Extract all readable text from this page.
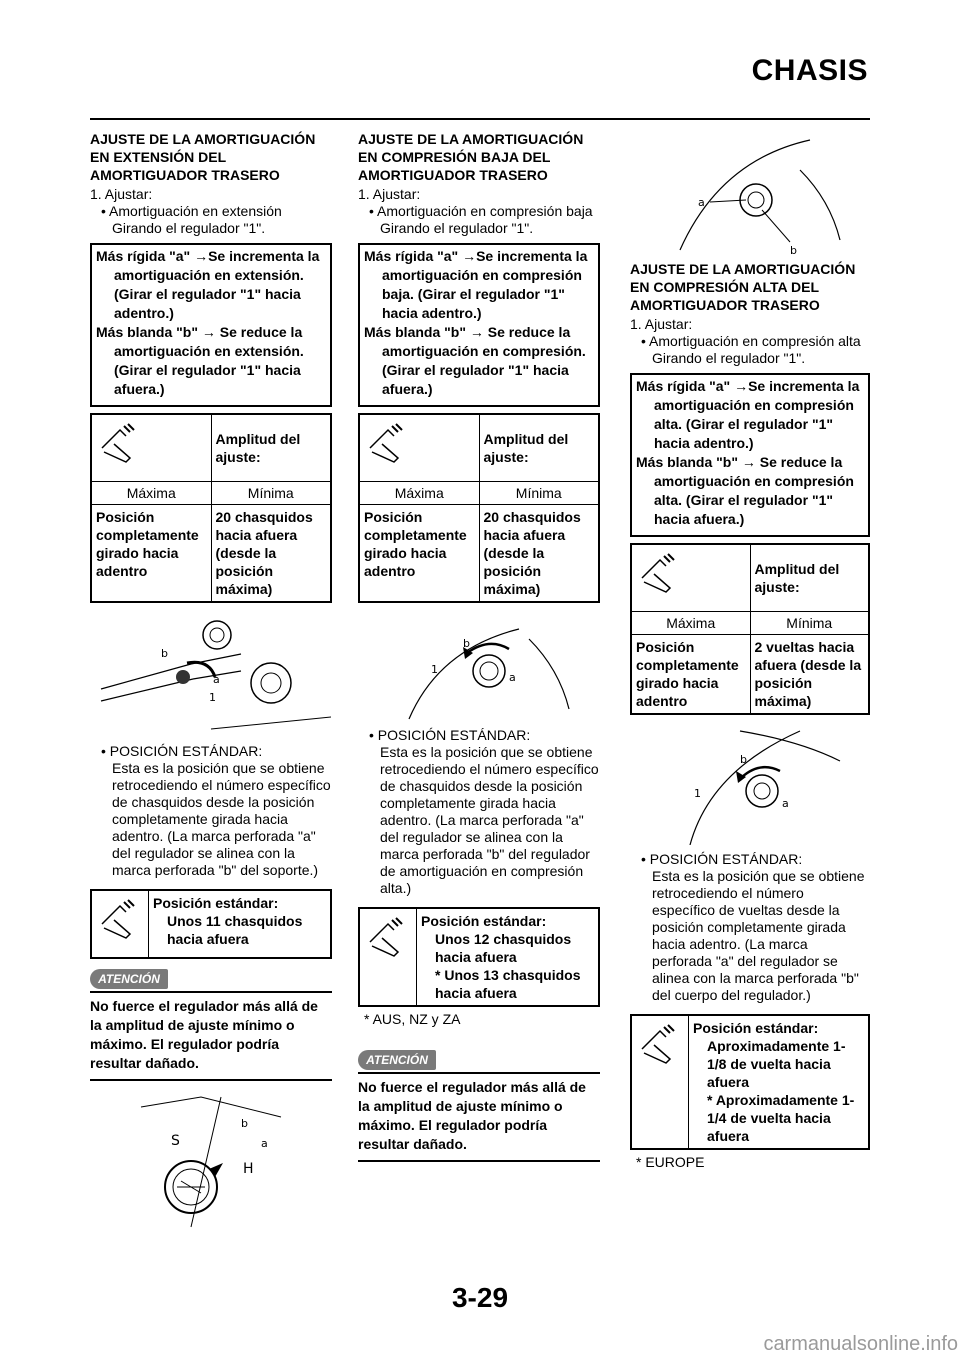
CHASIS
AJUSTE DE LA AMORTIGUACIÓN
EN EXTENSIÓN DEL
AMORTIGUADOR TRASERO

1. Ajustar:

• Amortiguación en extensión

Girando el regulador "1".

Más rígida "a" →Se incrementa la amortiguación en extensión. (Girar el regulador "1" hacia adentro.)

Más blanda "b" → Se reduce la amortiguación en extensión. (Girar el regulador "1" hacia afuera.)

	Amplitud del ajuste:
Máxima	Mínima
Posición completamente girado hacia adentro	20 chasquidos hacia afuera (desde la posición máxima)
b
a
1

• POSICIÓN ESTÁNDAR:

Esta es la posición que se obtiene retrocediendo el número específico de chasquidos desde la posición completamente girada hacia adentro. (La marca perforada "a" del regulador se alinea con la marca perforada "b" del soporte.)

Posición estándar:
Unos 11 chasquidos hacia afuera
ATENCIÓN

No fuerce el regulador más allá de la amplitud de ajuste mínimo o máximo. El regulador podría resultar dañado.

S
H
b
a
AJUSTE DE LA AMORTIGUACIÓN
EN COMPRESIÓN BAJA DEL
AMORTIGUADOR TRASERO

1. Ajustar:

• Amortiguación en compresión baja

Girando el regulador "1".

Más rígida "a" →Se incrementa la amortiguación en compresión baja. (Girar el regulador "1" hacia adentro.)

Más blanda "b" → Se reduce la amortiguación en compresión. (Girar el regulador "1" hacia afuera.)

	Amplitud del ajuste:
Máxima	Mínima
Posición completamente girado hacia adentro	20 chasquidos hacia afuera (desde la posición máxima)
b
a
1

• POSICIÓN ESTÁNDAR:

Esta es la posición que se obtiene retrocediendo el número específico de chasquidos desde la posición completamente girada hacia adentro. (La marca perforada "a" del regulador se alinea con la marca perforada "b" del regulador de amortiguación en compresión alta.)

Posición estándar:
Unos 12 chasquidos hacia afuera
* Unos 13 chasquidos hacia afuera
* AUS, NZ y ZA
ATENCIÓN

No fuerce el regulador más allá de la amplitud de ajuste mínimo o máximo. El regulador podría resultar dañado.

a
b
AJUSTE DE LA AMORTIGUACIÓN
EN COMPRESIÓN ALTA DEL
AMORTIGUADOR TRASERO

1. Ajustar:

• Amortiguación en compresión alta

Girando el regulador "1".

Más rígida "a" →Se incrementa la amortiguación en compresión alta. (Girar el regulador "1" hacia adentro.)

Más blanda "b" → Se reduce la amortiguación en compresión alta. (Girar el regulador "1" hacia afuera.)

	Amplitud del ajuste:
Máxima	Mínima
Posición completamente girado hacia adentro	2 vueltas hacia afuera (desde la posición máxima)
b
a
1

• POSICIÓN ESTÁNDAR:

Esta es la posición que se obtiene retrocediendo el número específico de vueltas desde la posición completamente girada hacia adentro. (La marca perforada "a" del regulador se alinea con la marca perforada "b" del cuerpo del regulador.)

Posición estándar:
Aproximadamente 1-1/8 de vuelta hacia afuera
* Aproximadamente 1-1/4 de vuelta hacia afuera
* EUROPE
3-29
carmanualsonline.info
